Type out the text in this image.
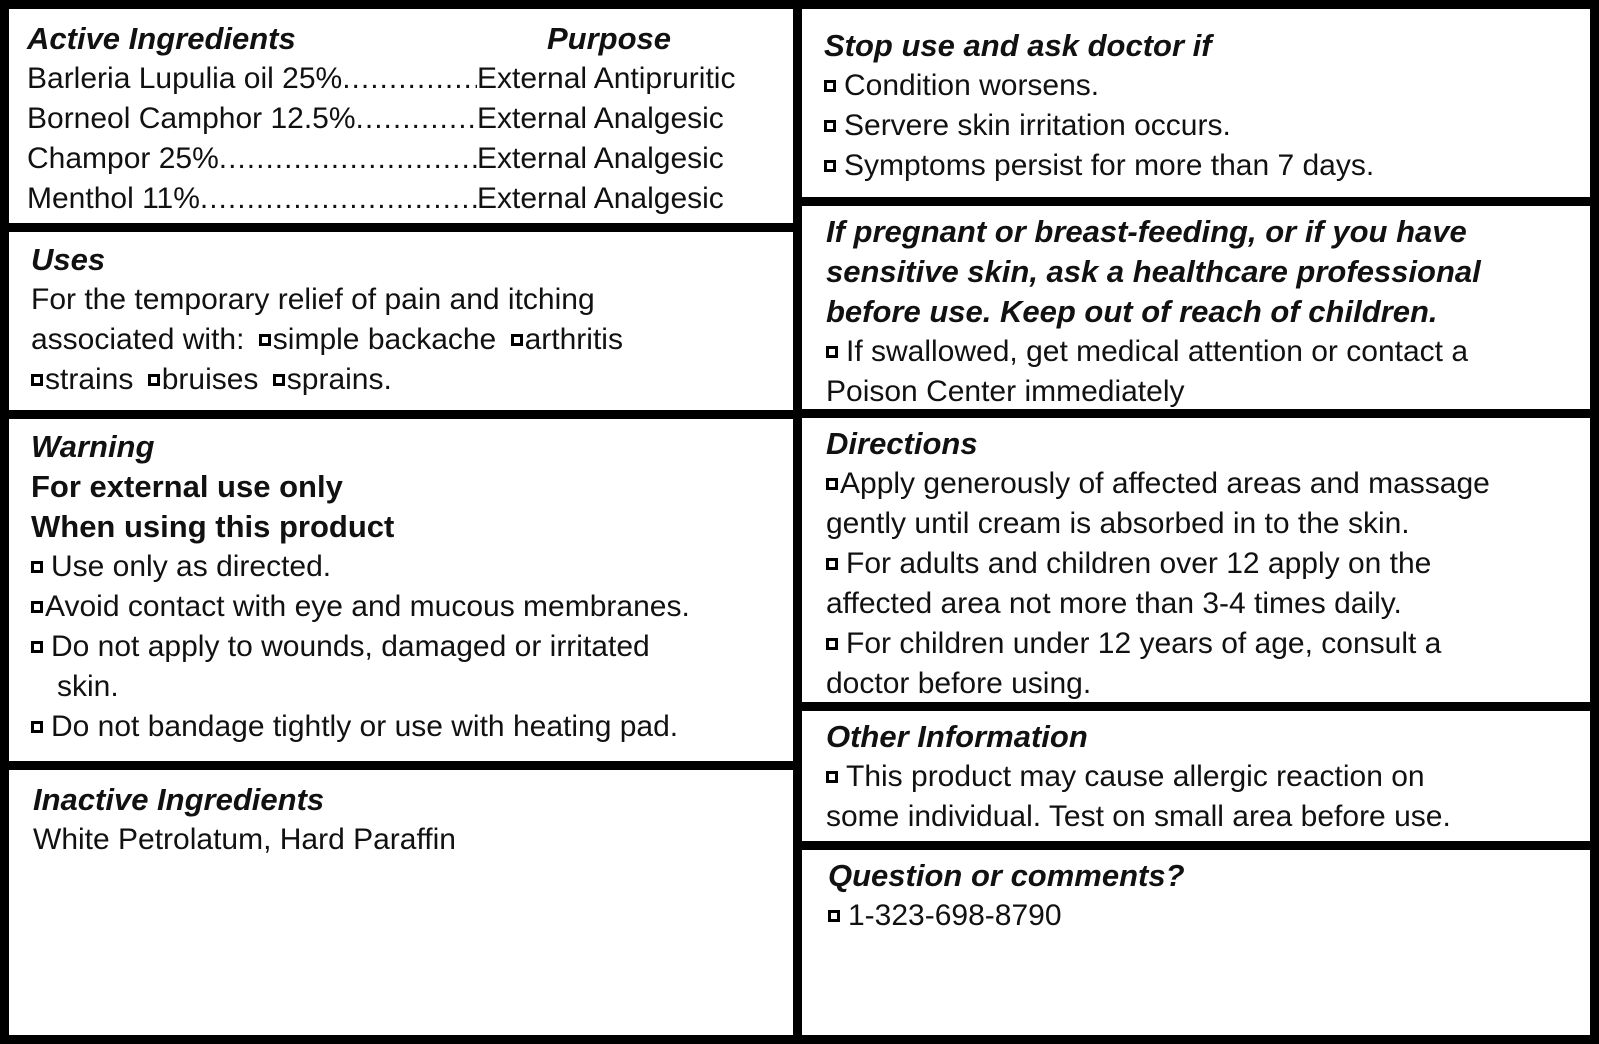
Active Ingredients	Purpose
Barleria Lupulia oil 25% .....	External Antipruritic
Borneol Camphor 12.5% .....	External Analgesic
Champor 25% .....	External Analgesic
Menthol 11% .....	External Analgesic
Uses
For the temporary relief of pain and itching
associated with: simple backache arthritis
strains bruises sprains.
Warning
For external use only
When using this product
Use only as directed.
Avoid contact with eye and mucous membranes.
Do not apply to wounds, damaged or irritated
skin.
Do not bandage tightly or use with heating pad.
Inactive Ingredients
White Petrolatum, Hard Paraffin
Stop use and ask doctor if
Condition worsens.
Servere skin irritation occurs.
Symptoms persist for more than 7 days.
If pregnant or breast-feeding, or if you have
sensitive skin, ask a healthcare professional
before use. Keep out of reach of children.
If swallowed, get medical attention or contact a
Poison Center immediately
Directions
Apply generously of affected areas and massage
gently until cream is absorbed in to the skin.
For adults and children over 12 apply on the
affected area not more than 3-4 times daily.
For children under 12 years of age, consult a
doctor before using.
Other Information
This product may cause allergic reaction on
some individual. Test on small area before use.
Question or comments?
1-323-698-8790
